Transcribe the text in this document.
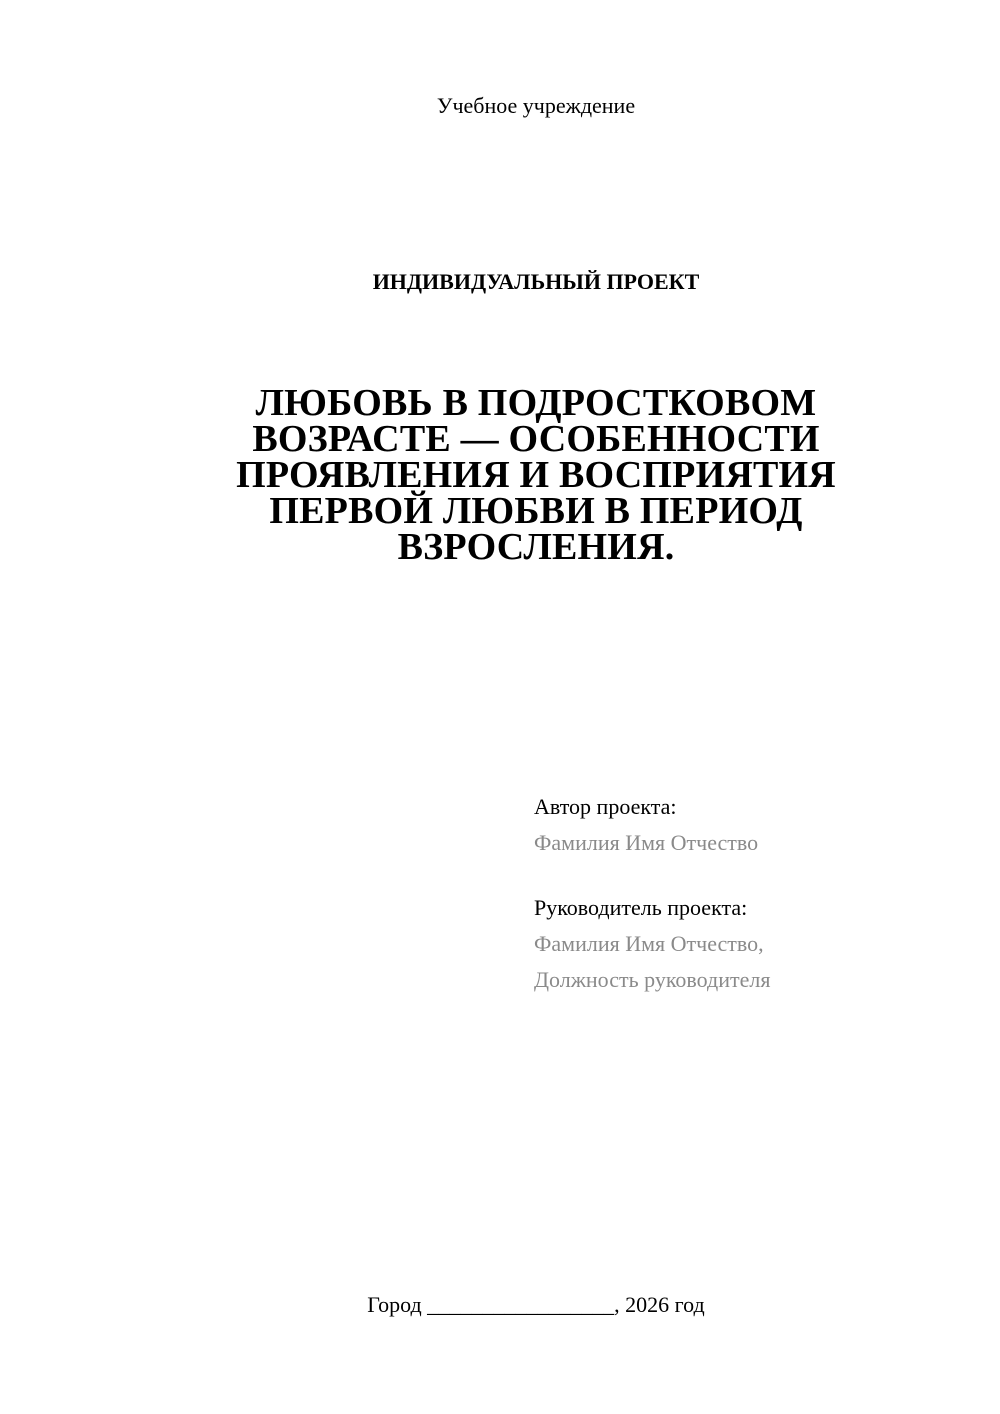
Учебное учреждение
ИНДИВИДУАЛЬНЫЙ ПРОЕКТ
ЛЮБОВЬ В ПОДРОСТКОВОМ
ВОЗРАСТЕ — ОСОБЕННОСТИ
ПРОЯВЛЕНИЯ И ВОСПРИЯТИЯ
ПЕРВОЙ ЛЮБВИ В ПЕРИОД
ВЗРОСЛЕНИЯ.
Автор проекта:
Фамилия Имя Отчество
Руководитель проекта:
Фамилия Имя Отчество,
Должность руководителя
Город _________________, 2026 год
